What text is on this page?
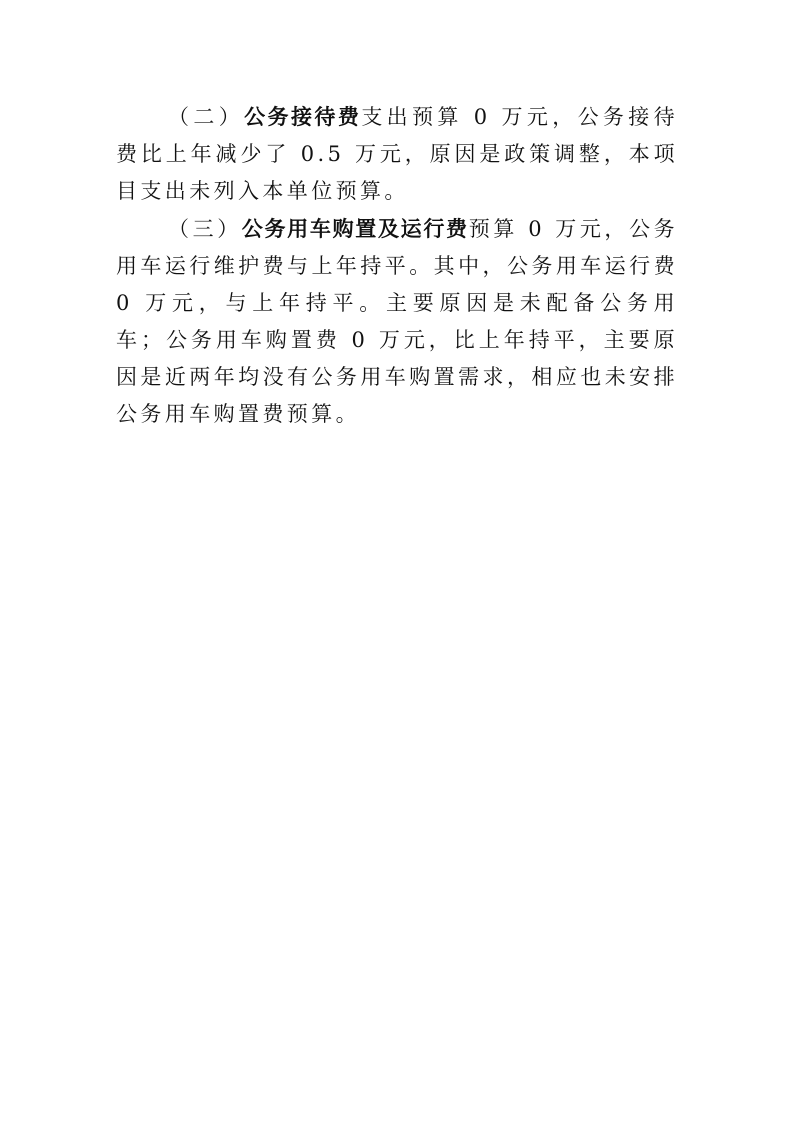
（二）公务接待费支出预算 0 万元，公务接待费比上年减少了 0.5 万元，原因是政策调整，本项目支出未列入本单位预算。

（三）公务用车购置及运行费预算 0 万元，公务用车运行维护费与上年持平。其中，公务用车运行费 0 万元，与上年持平。主要原因是未配备公务用车；公务用车购置费 0 万元，比上年持平，主要原因是近两年均没有公务用车购置需求，相应也未安排公务用车购置费预算。
